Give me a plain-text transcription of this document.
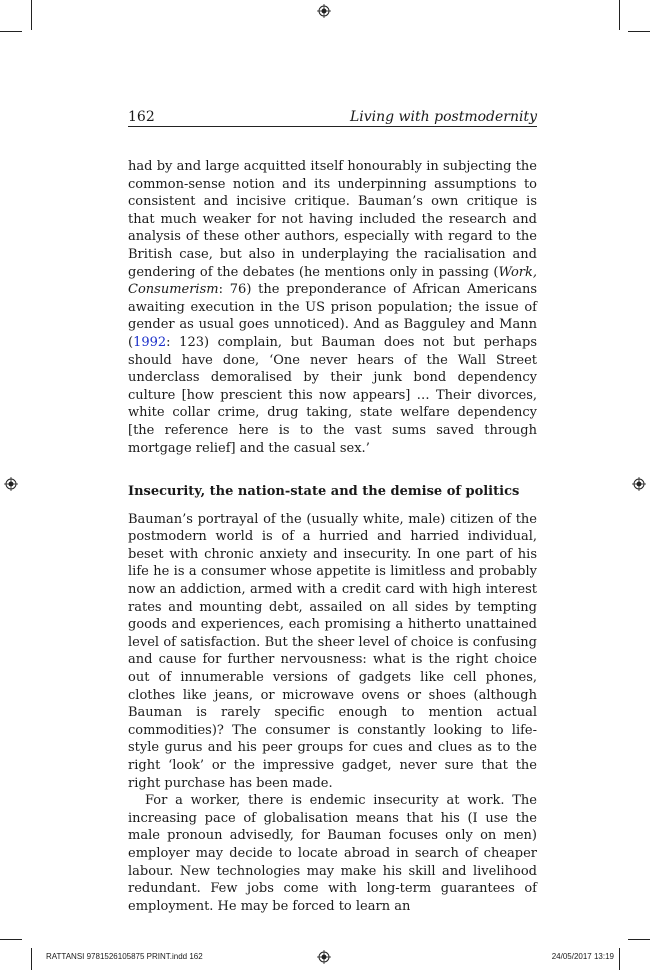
162	Living with postmodernity

had by and large acquitted itself honourably in subjecting the common-sense notion and its underpinning assumptions to consistent and incisive critique. Bauman’s own critique is that much weaker for not having included the research and analysis of these other authors, especially with regard to the British case, but also in underplaying the racialisation and gendering of the debates (he mentions only in passing (Work, Consumerism: 76) the preponderance of African Americans awaiting execution in the US prison population; the issue of gender as usual goes unnoticed). And as Bagguley and Mann (1992: 123) complain, but Bauman does not but perhaps should have done, ‘One never hears of the Wall Street underclass demoralised by their junk bond dependency culture [how prescient this now appears] … Their divorces, white collar crime, drug taking, state welfare dependency [the reference here is to the vast sums saved through mortgage relief] and the casual sex.’

Insecurity, the nation-state and the demise of politics

Bauman’s portrayal of the (usually white, male) citizen of the postmodern world is of a hurried and harried individual, beset with chronic anxiety and insecurity. In one part of his life he is a consumer whose appetite is limitless and probably now an addiction, armed with a credit card with high interest rates and mounting debt, assailed on all sides by tempting goods and experiences, each promising a hitherto unattained level of satisfaction. But the sheer level of choice is confusing and cause for further nervousness: what is the right choice out of innumerable versions of gadgets like cell phones, clothes like jeans, or microwave ovens or shoes (although Bauman is rarely specific enough to mention actual commodities)? The consumer is constantly looking to life-style gurus and his peer groups for cues and clues as to the right ‘look’ or the impressive gadget, never sure that the right purchase has been made.

For a worker, there is endemic insecurity at work. The increasing pace of globalisation means that his (I use the male pronoun advisedly, for Bauman focuses only on men) employer may decide to locate abroad in search of cheaper labour. New technologies may make his skill and livelihood redundant. Few jobs come with long-term guarantees of employment. He may be forced to learn an

RATTANSI 9781526105875 PRINT.indd 162	24/05/2017 13:19
